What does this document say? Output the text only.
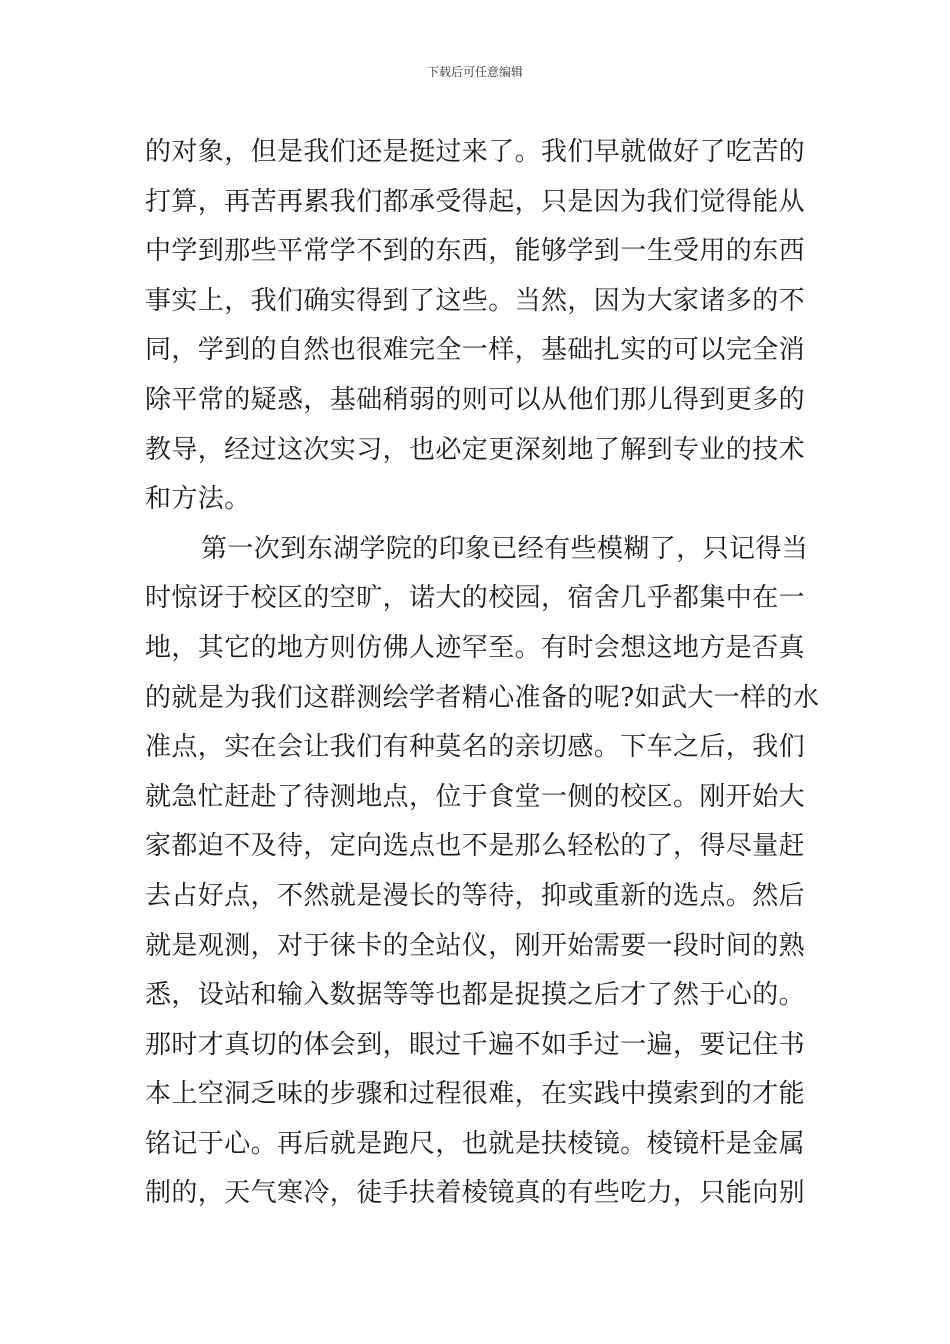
下载后可任意编辑
的对象，但是我们还是挺过来了。我们早就做好了吃苦的
打算，再苦再累我们都承受得起，只是因为我们觉得能从
中学到那些平常学不到的东西，能够学到一生受用的东西
事实上，我们确实得到了这些。当然，因为大家诸多的不
同，学到的自然也很难完全一样，基础扎实的可以完全消
除平常的疑惑，基础稍弱的则可以从他们那儿得到更多的
教导，经过这次实习，也必定更深刻地了解到专业的技术
和方法。
第一次到东湖学院的印象已经有些模糊了，只记得当
时惊讶于校区的空旷，诺大的校园，宿舍几乎都集中在一
地，其它的地方则仿佛人迹罕至。有时会想这地方是否真
的就是为我们这群测绘学者精心准备的呢?如武大一样的水
准点，实在会让我们有种莫名的亲切感。下车之后，我们
就急忙赶赴了待测地点，位于食堂一侧的校区。刚开始大
家都迫不及待，定向选点也不是那么轻松的了，得尽量赶
去占好点，不然就是漫长的等待，抑或重新的选点。然后
就是观测，对于徕卡的全站仪，刚开始需要一段时间的熟
悉，设站和输入数据等等也都是捉摸之后才了然于心的。
那时才真切的体会到，眼过千遍不如手过一遍，要记住书
本上空洞乏味的步骤和过程很难，在实践中摸索到的才能
铭记于心。再后就是跑尺，也就是扶棱镜。棱镜杆是金属
制的，天气寒冷，徒手扶着棱镜真的有些吃力，只能向别
